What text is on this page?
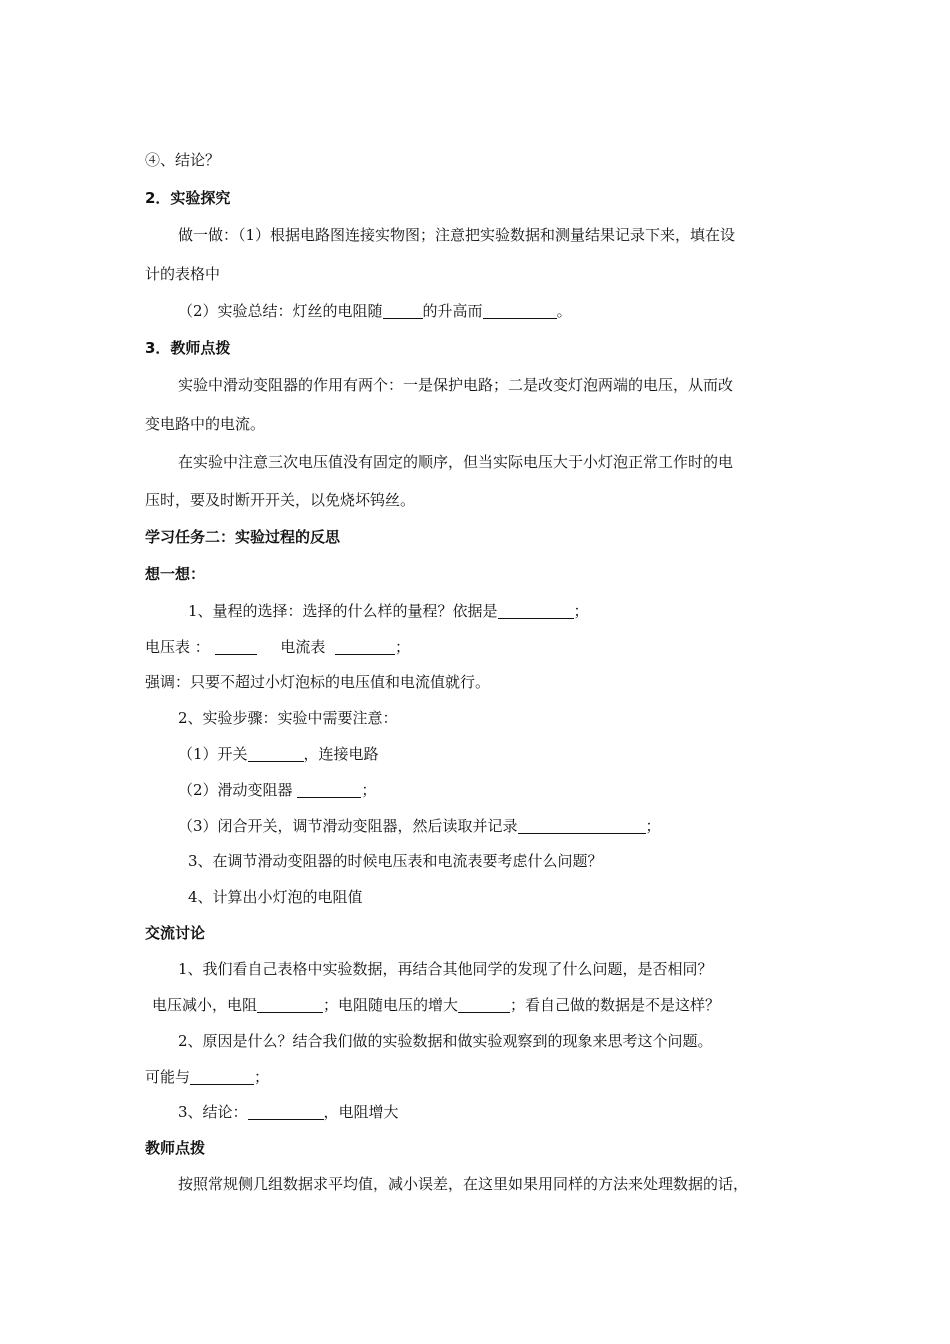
④、结论？
2．实验探究
做一做：（1）根据电路图连接实物图；注意把实验数据和测量结果记录下来，填在设
计的表格中
（2）实验总结：灯丝的电阻随	的升高而	。
3．教师点拨
实验中滑动变阻器的作用有两个：一是保护电路；二是改变灯泡两端的电压，从而改
变电路中的电流。
在实验中注意三次电压值没有固定的顺序，但当实际电压大于小灯泡正常工作时的电
压时，要及时断开开关，以免烧坏钨丝。
学习任务二：实验过程的反思
想一想：
1、量程的选择：选择的什么样的量程？依据是	；
电压表 ：	电流表	；
强调：只要不超过小灯泡标的电压值和电流值就行。
2、实验步骤：实验中需要注意：
（1）开关	，连接电路
（2）滑动变阻器	；
（3）闭合开关，调节滑动变阻器，然后读取并记录	；
3、在调节滑动变阻器的时候电压表和电流表要考虑什么问题？
4、计算出小灯泡的电阻值
交流讨论
1、我们看自己表格中实验数据，再结合其他同学的发现了什么问题，是否相同？
电压减小，电阻	；电阻随电压的增大	；看自己做的数据是不是这样？
2、原因是什么？结合我们做的实验数据和做实验观察到的现象来思考这个问题。
可能与	；
3、结论：	，电阻增大
教师点拨
按照常规侧几组数据求平均值，减小误差，在这里如果用同样的方法来处理数据的话，
